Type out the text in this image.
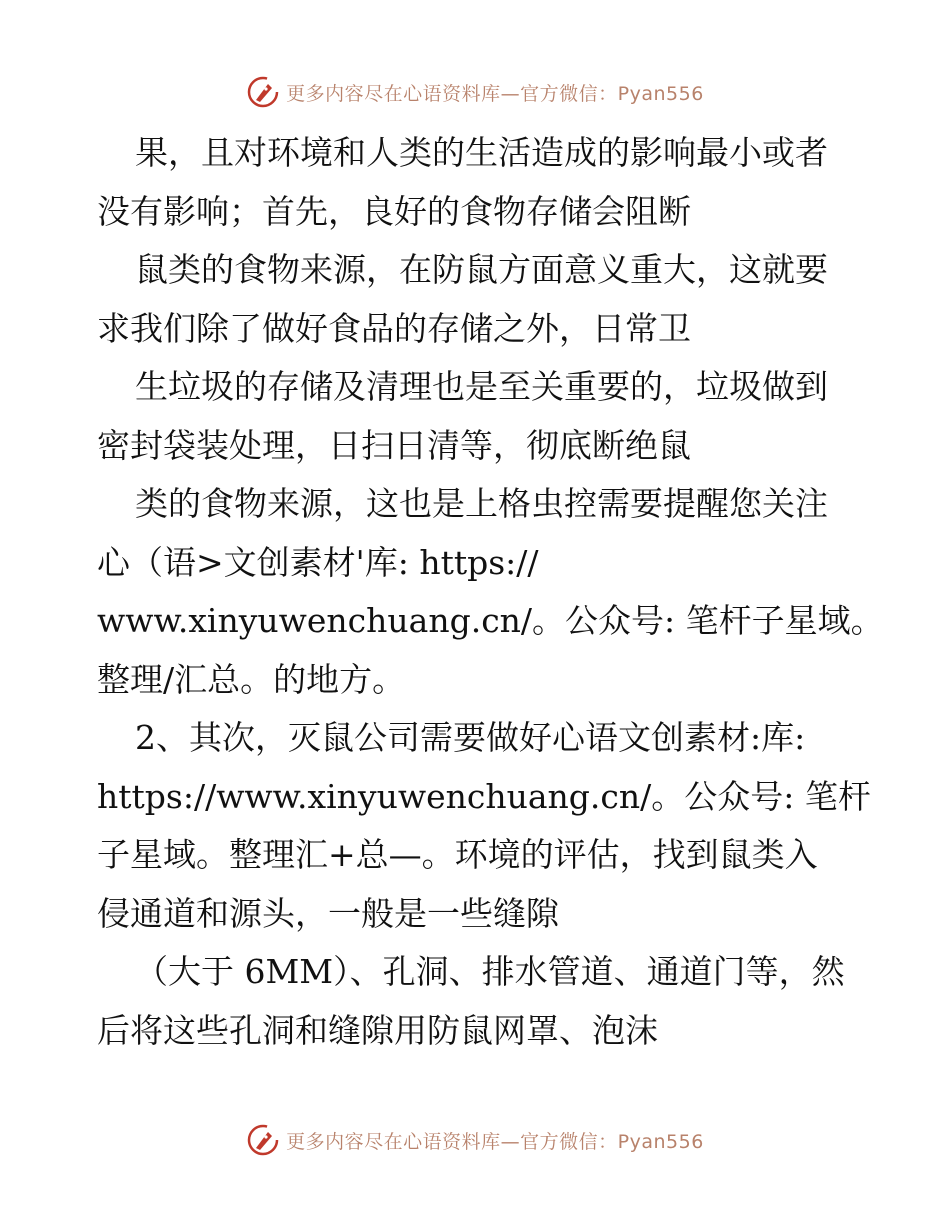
更多内容尽在心语资料库—官方微信：Pyan556
果，且对环境和人类的生活造成的影响最小或者
没有影响；首先，良好的食物存储会阻断
鼠类的食物来源，在防鼠方面意义重大，这就要
求我们除了做好食品的存储之外，日常卫
生垃圾的存储及清理也是至关重要的，垃圾做到
密封袋装处理，日扫日清等，彻底断绝鼠
类的食物来源，这也是上格虫控需要提醒您关注
心（语>文创素材'库: https://
www.xinyuwenchuang.cn/。公众号: 笔杆子星域。
整理/汇总。的地方。
2、其次，灭鼠公司需要做好心语文创素材:库:
https://www.xinyuwenchuang.cn/。公众号: 笔杆
子星域。整理汇+总—。环境的评估，找到鼠类入
侵通道和源头，一般是一些缝隙
（大于 6MM）、孔洞、排水管道、通道门等，然
后将这些孔洞和缝隙用防鼠网罩、泡沫
更多内容尽在心语资料库—官方微信：Pyan556
